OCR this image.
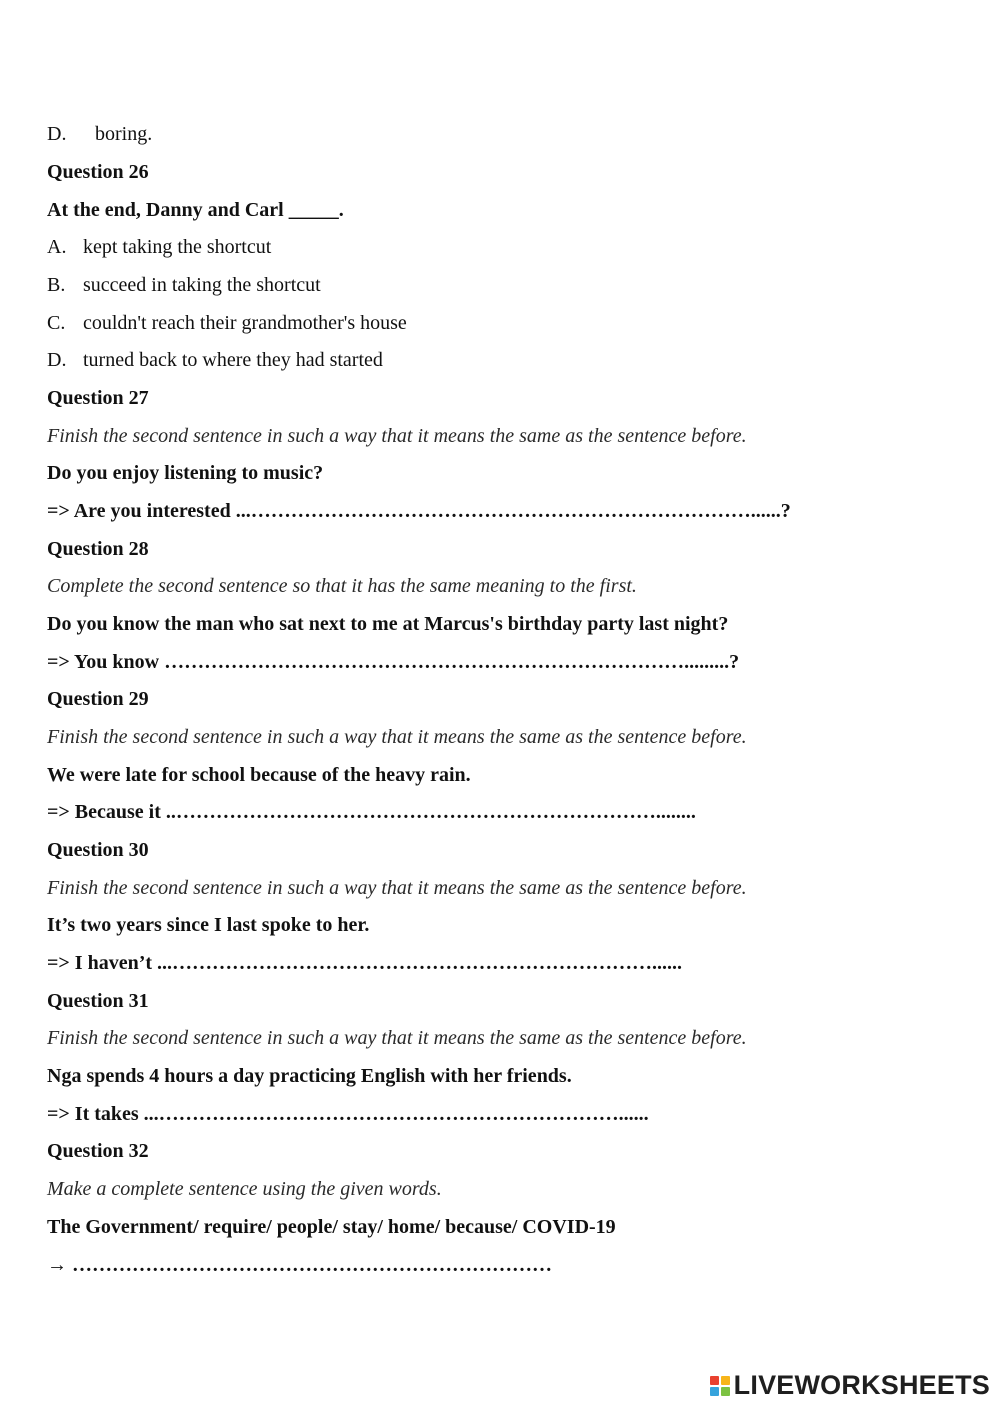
D. boring.
Question 26
At the end, Danny and Carl _____.
A. kept taking the shortcut
B. succeed in taking the shortcut
C. couldn't reach their grandmother's house
D. turned back to where they had started
Question 27
Finish the second sentence in such a way that it means the same as the sentence before.
Do you enjoy listening to music?
=> Are you interested ...…………………………………………………………………......?
Question 28
Complete the second sentence so that it has the same meaning to the first.
Do you know the man who sat next to me at Marcus's birthday party last night?
=> You know …………………………………………………………………….........?
Question 29
Finish the second sentence in such a way that it means the same as the sentence before.
We were late for school because of the heavy rain.
=> Because it ..………………………………………………………………........
Question 30
Finish the second sentence in such a way that it means the same as the sentence before.
It’s two years since I last spoke to her.
=> I haven’t ...………………………………………………………………......
Question 31
Finish the second sentence in such a way that it means the same as the sentence before.
Nga spends 4 hours a day practicing English with her friends.
=> It takes ...……………………………………………………………......
Question 32
Make a complete sentence using the given words.
The Government/ require/ people/ stay/ home/ because/ COVID-19
→ ………………………………………………………………
LIVEWORKSHEETS
